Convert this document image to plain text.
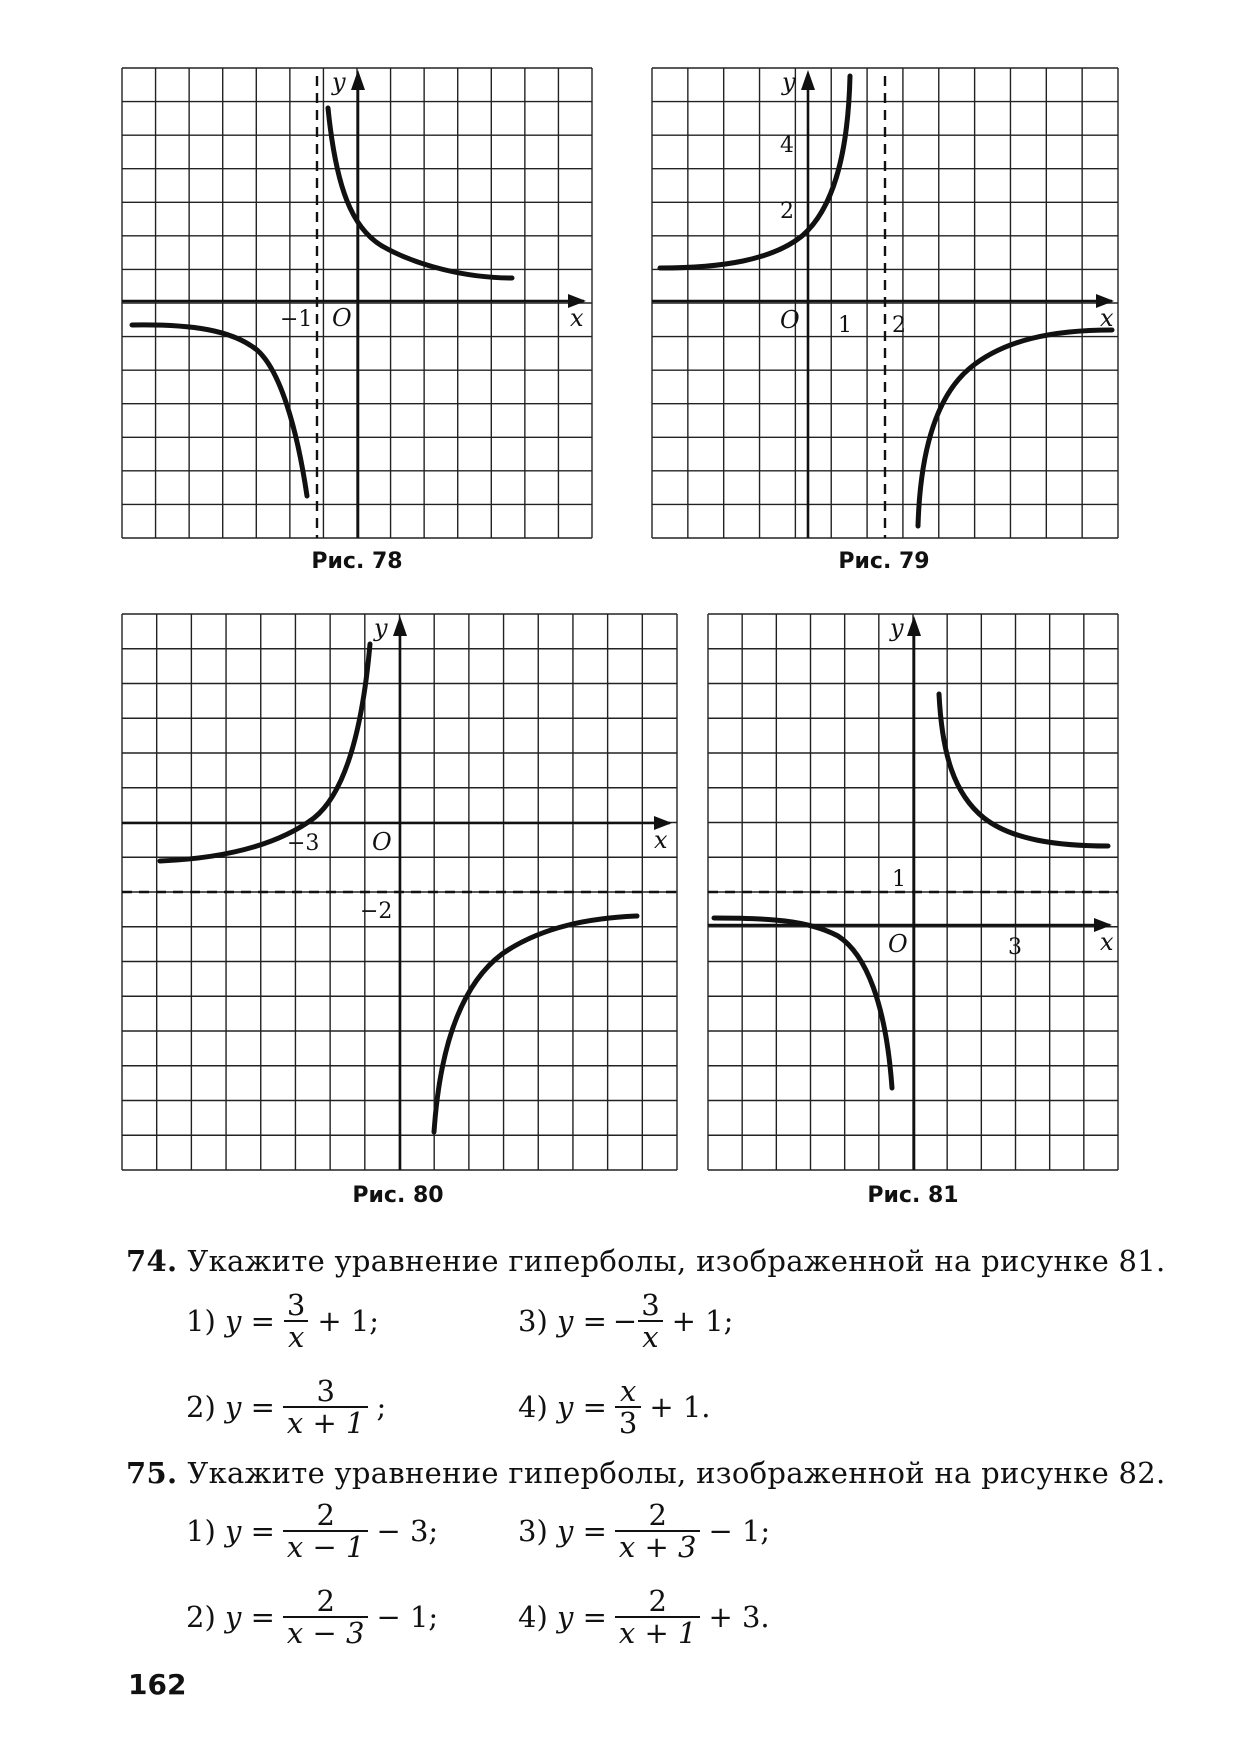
y
x
O
−1
Рис. 78
y
x
O 1 2
2
4
Рис. 79
y
x
O
−3
−2
Рис. 80
y
x
O
1
3
Рис. 81
74. Укажите уравнение гиперболы, изображенной на рисунке 81.
1)
$y = \frac{3}{x} + 1$;
2)
$y = \frac{3}{x + 1}$ ;
3)
y = − $\frac{3}{x} + 1$;
4)
$y = \frac{x}{3} + 1$.
75. Укажите уравнение гиперболы, изображенной на рисунке 82.
1)
$y = \frac{2}{x - 1} - 3$;
2)
$y = \frac{2}{x - 3} - 1$;
3)
$y = \frac{2}{x + 3} - 1$;
4)
$y = \frac{2}{x + 1} + 3$.
162
